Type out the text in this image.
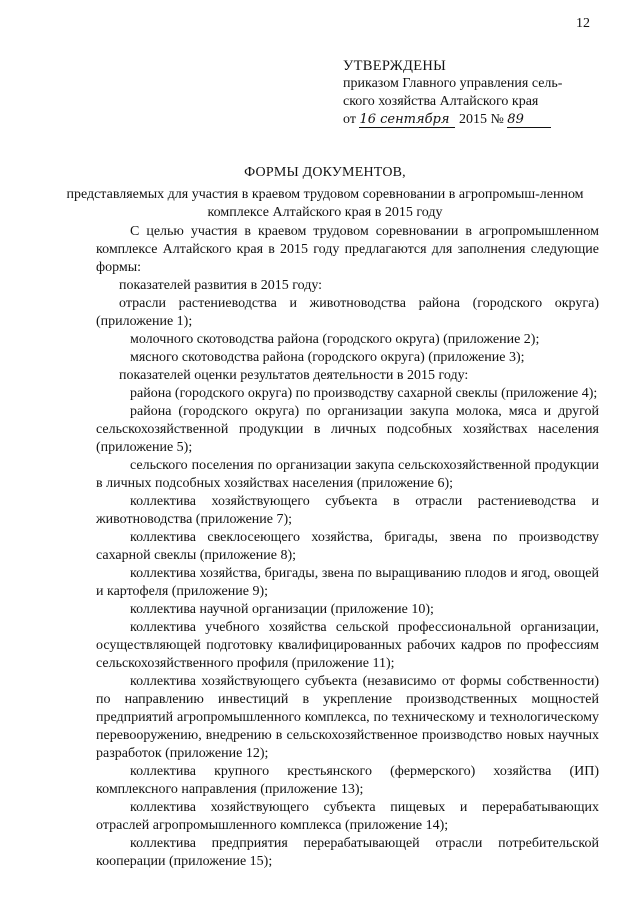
12
УТВЕРЖДЕНЫ
приказом Главного управления сель-
ского хозяйства Алтайского края
от 16 сентября 2015 № 89
ФОРМЫ ДОКУМЕНТОВ,
представляемых для участия в краевом трудовом соревновании в агропромыш-ленном комплексе Алтайского края в 2015 году

С целью участия в краевом трудовом соревновании в агропромышленном комплексе Алтайского края в 2015 году предлагаются для заполнения следующие формы:

показателей развития в 2015 году:

отрасли растениеводства и животноводства района (городского округа) (приложение 1);

молочного скотоводства района (городского округа) (приложение 2);

мясного скотоводства района (городского округа) (приложение 3);

показателей оценки результатов деятельности в 2015 году:

района (городского округа) по производству сахарной свеклы (приложение 4);

района (городского округа) по организации закупа молока, мяса и другой сельскохозяйственной продукции в личных подсобных хозяйствах населения (приложение 5);

сельского поселения по организации закупа сельскохозяйственной продукции в личных подсобных хозяйствах населения (приложение 6);

коллектива хозяйствующего субъекта в отрасли растениеводства и животноводства (приложение 7);

коллектива свеклосеющего хозяйства, бригады, звена по производству сахарной свеклы (приложение 8);

коллектива хозяйства, бригады, звена по выращиванию плодов и ягод, овощей и картофеля (приложение 9);

коллектива научной организации (приложение 10);

коллектива учебного хозяйства сельской профессиональной организации, осуществляющей подготовку квалифицированных рабочих кадров по профессиям сельскохозяйственного профиля (приложение 11);

коллектива хозяйствующего субъекта (независимо от формы собственности) по направлению инвестиций в укрепление производственных мощностей предприятий агропромышленного комплекса, по техническому и технологическому перевооружению, внедрению в сельскохозяйственное производство новых научных разработок (приложение 12);

коллектива крупного крестьянского (фермерского) хозяйства (ИП) комплексного направления (приложение 13);

коллектива хозяйствующего субъекта пищевых и перерабатывающих отраслей агропромышленного комплекса (приложение 14);

коллектива предприятия перерабатывающей отрасли потребительской кооперации (приложение 15);
